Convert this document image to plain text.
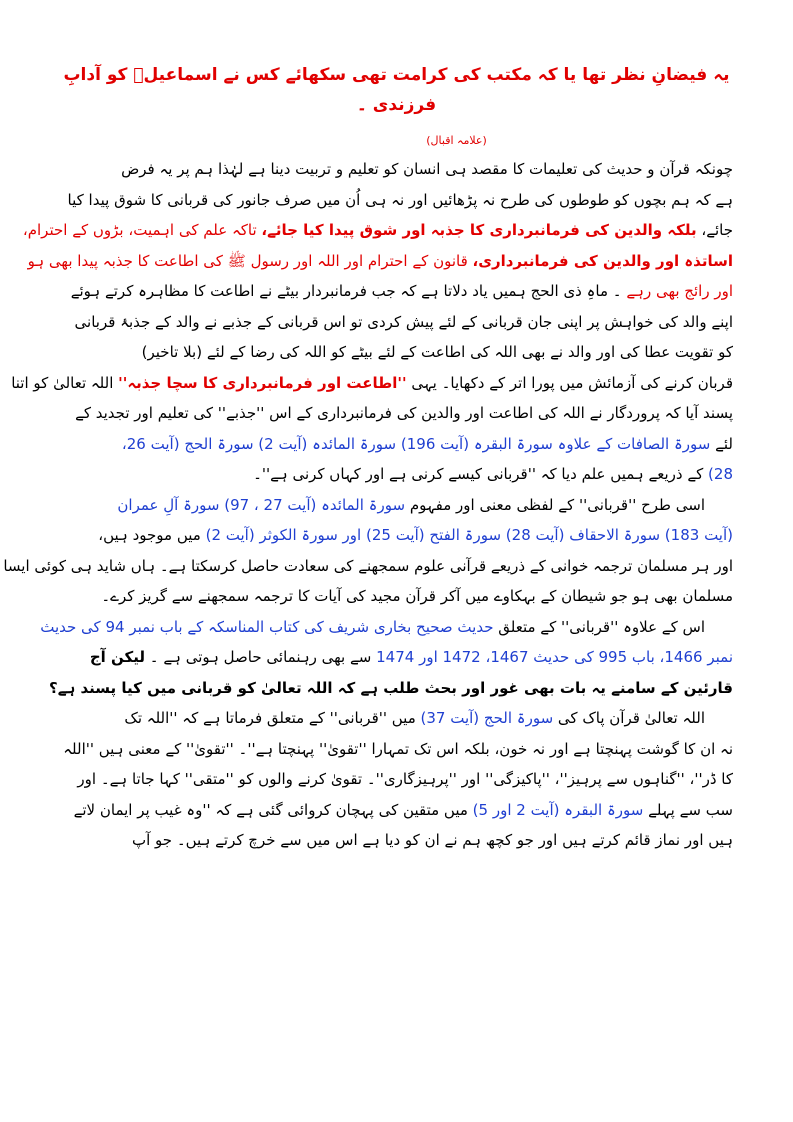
یہ فیضانِ نظر تھا یا کہ مکتب کی کرامت تھی سکھائے کس نے اسماعیلؑ کو آدابِ فرزندی ۔
(علامہ اقبال)
چونکہ قرآن و حدیث کی تعلیمات کا مقصد ہی انسان کو تعلیم و تربیت دینا ہے لہٰذا ہم پر یہ فرض
ہے کہ ہم بچوں کو طوطوں کی طرح نہ پڑھائیں اور نہ ہی اُن میں صرف جانور کی قربانی کا شوق پیدا کیا
جائے، بلکہ والدین کی فرمانبرداری کا جذبہ اور شوق پیدا کیا جائے، تاکہ علم کی اہمیت، بڑوں کے احترام،
اساتذہ اور والدین کی فرمانبرداری، قانون کے احترام اور اللہ اور رسول ﷺ کی اطاعت کا جذبہ پیدا بھی ہو
اور رائج بھی رہے ۔ ماہِ ذی الحج ہمیں یاد دلاتا ہے کہ جب فرمانبردار بیٹے نے اطاعت کا مظاہرہ کرتے ہوئے
اپنے والد کی خواہش پر اپنی جان قربانی کے لئے پیش کردی تو اس قربانی کے جذبے نے والد کے جذبۂ قربانی
کو تقویت عطا کی اور والد نے بھی اللہ کی اطاعت کے لئے بیٹے کو اللہ کی رضا کے لئے (بلا تاخیر)
قربان کرنے کی آزمائش میں پورا اتر کے دکھایا۔ یہی ''اطاعت اور فرمانبرداری کا سچا جذبہ'' اللہ تعالیٰ کو اتنا
پسند آیا کہ پروردگار نے اللہ کی اطاعت اور والدین کی فرمانبرداری کے اس ''جذبے'' کی تعلیم اور تجدید کے
لئے سورۃ الصافات کے علاوہ سورۃ البقرہ (آیت 196) سورۃ المائدہ (آیت 2) سورۃ الحج (آیت 26،
28) کے ذریعے ہمیں علم دیا کہ ''قربانی کیسے کرنی ہے اور کہاں کرنی ہے''۔
اسی طرح ''قربانی'' کے لفظی معنی اور مفہوم سورۃ المائدہ (آیت 27 ، 97) سورۃ آلِ عمران
(آیت 183) سورۃ الاحقاف (آیت 28) سورۃ الفتح (آیت 25) اور سورۃ الکوثر (آیت 2) میں موجود ہیں،
اور ہر مسلمان ترجمہ خوانی کے ذریعے قرآنی علوم سمجھنے کی سعادت حاصل کرسکتا ہے۔ ہاں شاید ہی کوئی ایسا
مسلمان بھی ہو جو شیطان کے بہکاوے میں آکر قرآن مجید کی آیات کا ترجمہ سمجھنے سے گریز کرے۔
اس کے علاوہ ''قربانی'' کے متعلق حدیث صحیح بخاری شریف کی کتاب المناسکہ کے باب نمبر 94 کی حدیث
نمبر 1466، باب 995 کی حدیث 1467، 1472 اور 1474 سے بھی رہنمائی حاصل ہوتی ہے ۔ لیکن آج
قارئین کے سامنے یہ بات بھی غور اور بحث طلب ہے کہ اللہ تعالیٰ کو قربانی میں کیا پسند ہے؟
اللہ تعالیٰ قرآن پاک کی سورۃ الحج (آیت 37) میں ''قربانی'' کے متعلق فرماتا ہے کہ ''اللہ تک
نہ ان کا گوشت پہنچتا ہے اور نہ خون، بلکہ اس تک تمہارا ''تقویٰ'' پہنچتا ہے''۔ ''تقویٰ'' کے معنی ہیں ''اللہ
کا ڈر''، ''گناہوں سے پرہیز''، ''پاکیزگی'' اور ''پرہیزگاری''۔ تقویٰ کرنے والوں کو ''متقی'' کہا جاتا ہے۔ اور
سب سے پہلے سورۃ البقرہ (آیت 2 اور 5) میں متقین کی پہچان کروائی گئی ہے کہ ''وہ غیب پر ایمان لاتے
ہیں اور نماز قائم کرتے ہیں اور جو کچھ ہم نے ان کو دیا ہے اس میں سے خرچ کرتے ہیں۔ جو آپ
